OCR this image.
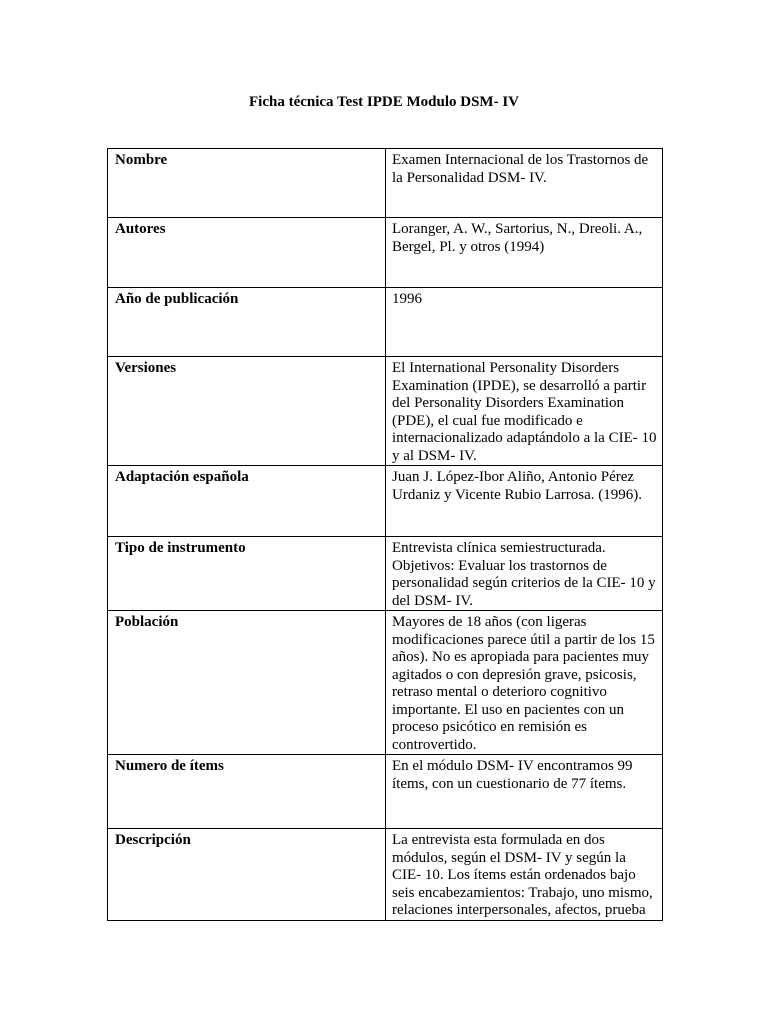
Ficha técnica Test IPDE Modulo DSM- IV
Nombre	Examen Internacional de los Trastornos de la Personalidad DSM- IV.
Autores	Loranger, A. W., Sartorius, N., Dreoli. A., Bergel, Pl. y otros (1994)
Año de publicación	1996
Versiones	El International Personality Disorders Examination (IPDE), se desarrolló a partir del Personality Disorders Examination (PDE), el cual fue modificado e internacionalizado adaptándolo a la CIE- 10 y al DSM- IV.
Adaptación española	Juan J. López-Ibor Aliño, Antonio Pérez Urdaniz y Vicente Rubio Larrosa. (1996).
Tipo de instrumento	Entrevista clínica semiestructurada. Objetivos: Evaluar los trastornos de personalidad según criterios de la CIE- 10 y del DSM- IV.
Población	Mayores de 18 años (con ligeras modificaciones parece útil a partir de los 15 años). No es apropiada para pacientes muy agitados o con depresión grave, psicosis, retraso mental o deterioro cognitivo importante. El uso en pacientes con un proceso psicótico en remisión es controvertido.
Numero de ítems	En el módulo DSM- IV encontramos 99 ítems, con un cuestionario de 77 ítems.
Descripción	La entrevista esta formulada en dos módulos, según el DSM- IV y según la CIE- 10. Los ítems están ordenados bajo seis encabezamientos: Trabajo, uno mismo, relaciones interpersonales, afectos, prueba
